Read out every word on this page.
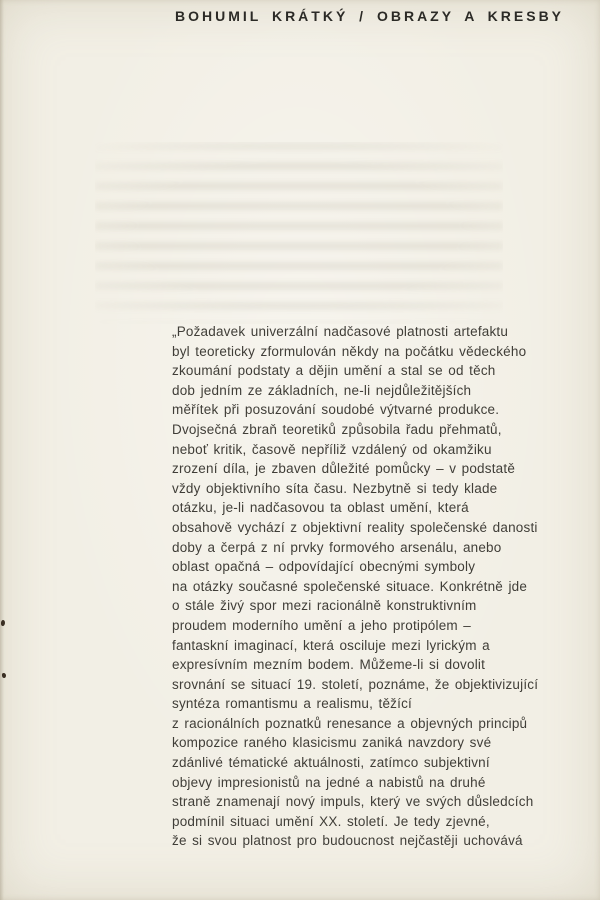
BOHUMIL KRÁTKÝ / OBRAZY A KRESBY
„Požadavek univerzální nadčasové platnosti artefaktu
byl teoreticky zformulován někdy na počátku vědeckého
zkoumání podstaty a dějin umění a stal se od těch
dob jedním ze základních, ne-li nejdůležitějších
měřítek při posuzování soudobé výtvarné produkce.
Dvojsečná zbraň teoretiků způsobila řadu přehmatů,
neboť kritik, časově nepříliž vzdálený od okamžiku
zrození díla, je zbaven důležité pomůcky – v podstatě
vždy objektivního síta času. Nezbytně si tedy klade
otázku, je-li nadčasovou ta oblast umění, která
obsahově vychází z objektivní reality společenské danosti
doby a čerpá z ní prvky formového arsenálu, anebo
oblast opačná – odpovídající obecnými symboly
na otázky současné společenské situace. Konkrétně jde
o stále živý spor mezi racionálně konstruktivním
proudem moderního umění a jeho protipólem –
fantaskní imaginací, která osciluje mezi lyrickým a
expresívním mezním bodem. Můžeme-li si dovolit
srovnání se situací 19. století, poznáme, že objektivizující
syntéza romantismu a realismu, těžící
z racionálních poznatků renesance a objevných principů
kompozice raného klasicismu zaniká navzdory své
zdánlivé tématické aktuálnosti, zatímco subjektivní
objevy impresionistů na jedné a nabistů na druhé
straně znamenají nový impuls, který ve svých důsledcích
podmínil situaci umění XX. století. Je tedy zjevné,
že si svou platnost pro budoucnost nejčastěji uchovává
